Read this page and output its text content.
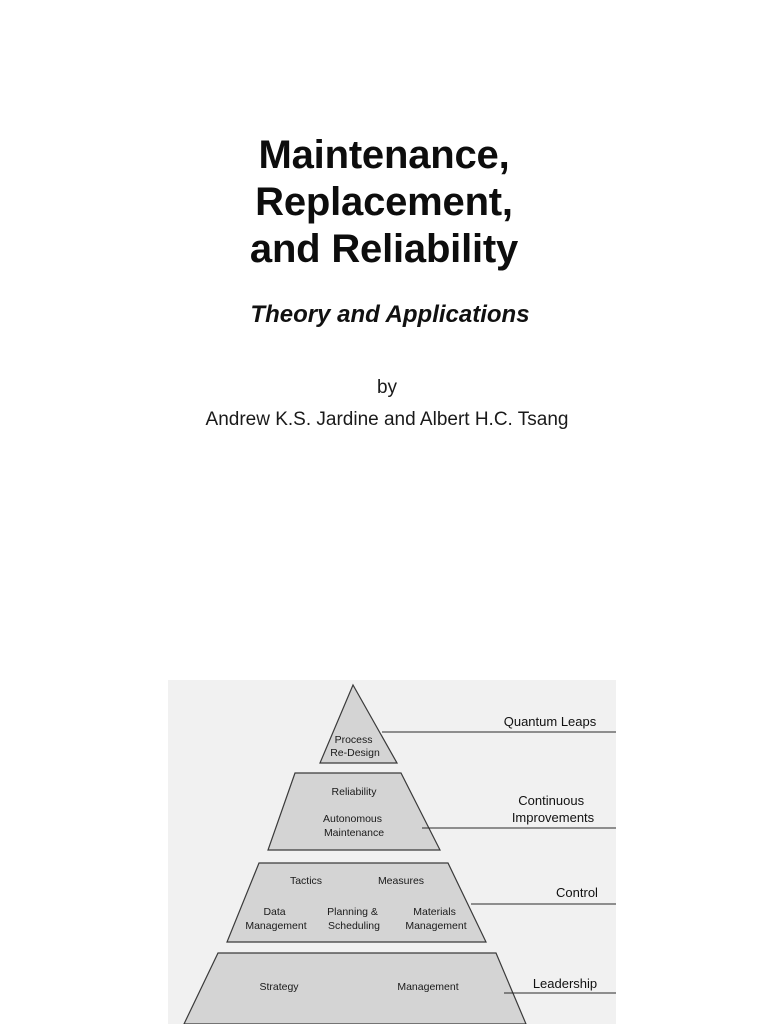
Maintenance,
Replacement,
and Reliability
Theory and Applications
by
Andrew K.S. Jardine and Albert H.C. Tsang
Process Re-Design
Reliability
Autonomous Maintenance
Tactics	Measures
Data Management
Planning & Scheduling
Materials Management
Strategy	Management
Quantum Leaps
Continuous Improvements
Control
Leadership
